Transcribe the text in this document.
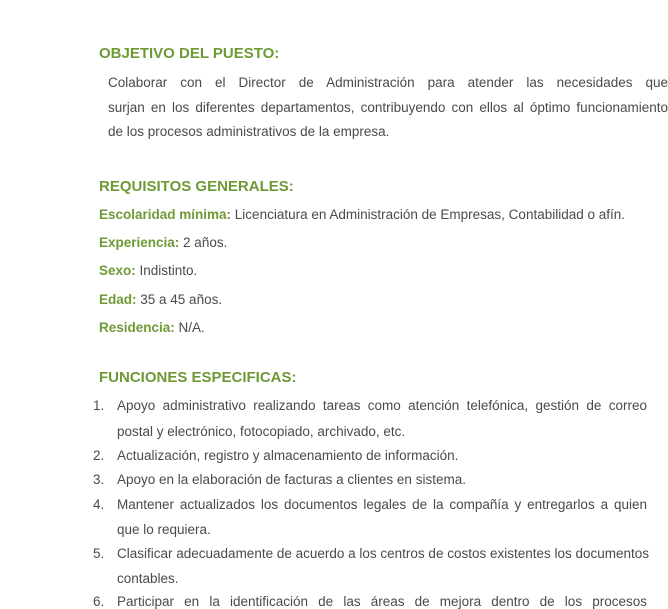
OBJETIVO DEL PUESTO:
Colaborar con el Director de Administración para atender las necesidades que
surjan en los diferentes departamentos, contribuyendo con ellos al óptimo funcionamiento
de los procesos administrativos de la empresa.
REQUISITOS GENERALES:
Escolaridad mínima: Licenciatura en Administración de Empresas, Contabilidad o afín.
Experiencia: 2 años.
Sexo: Indistinto.
Edad: 35 a 45 años.
Residencia: N/A.
FUNCIONES ESPECIFICAS:
1. Apoyo administrativo realizando tareas como atención telefónica, gestión de correo
postal y electrónico, fotocopiado, archivado, etc.
2. Actualización, registro y almacenamiento de información.
3. Apoyo en la elaboración de facturas a clientes en sistema.
4. Mantener actualizados los documentos legales de la compañía y entregarlos a quien
que lo requiera.
5. Clasificar adecuadamente de acuerdo a los centros de costos existentes los documentos
contables.
6. Participar en la identificación de las áreas de mejora dentro de los procesos
